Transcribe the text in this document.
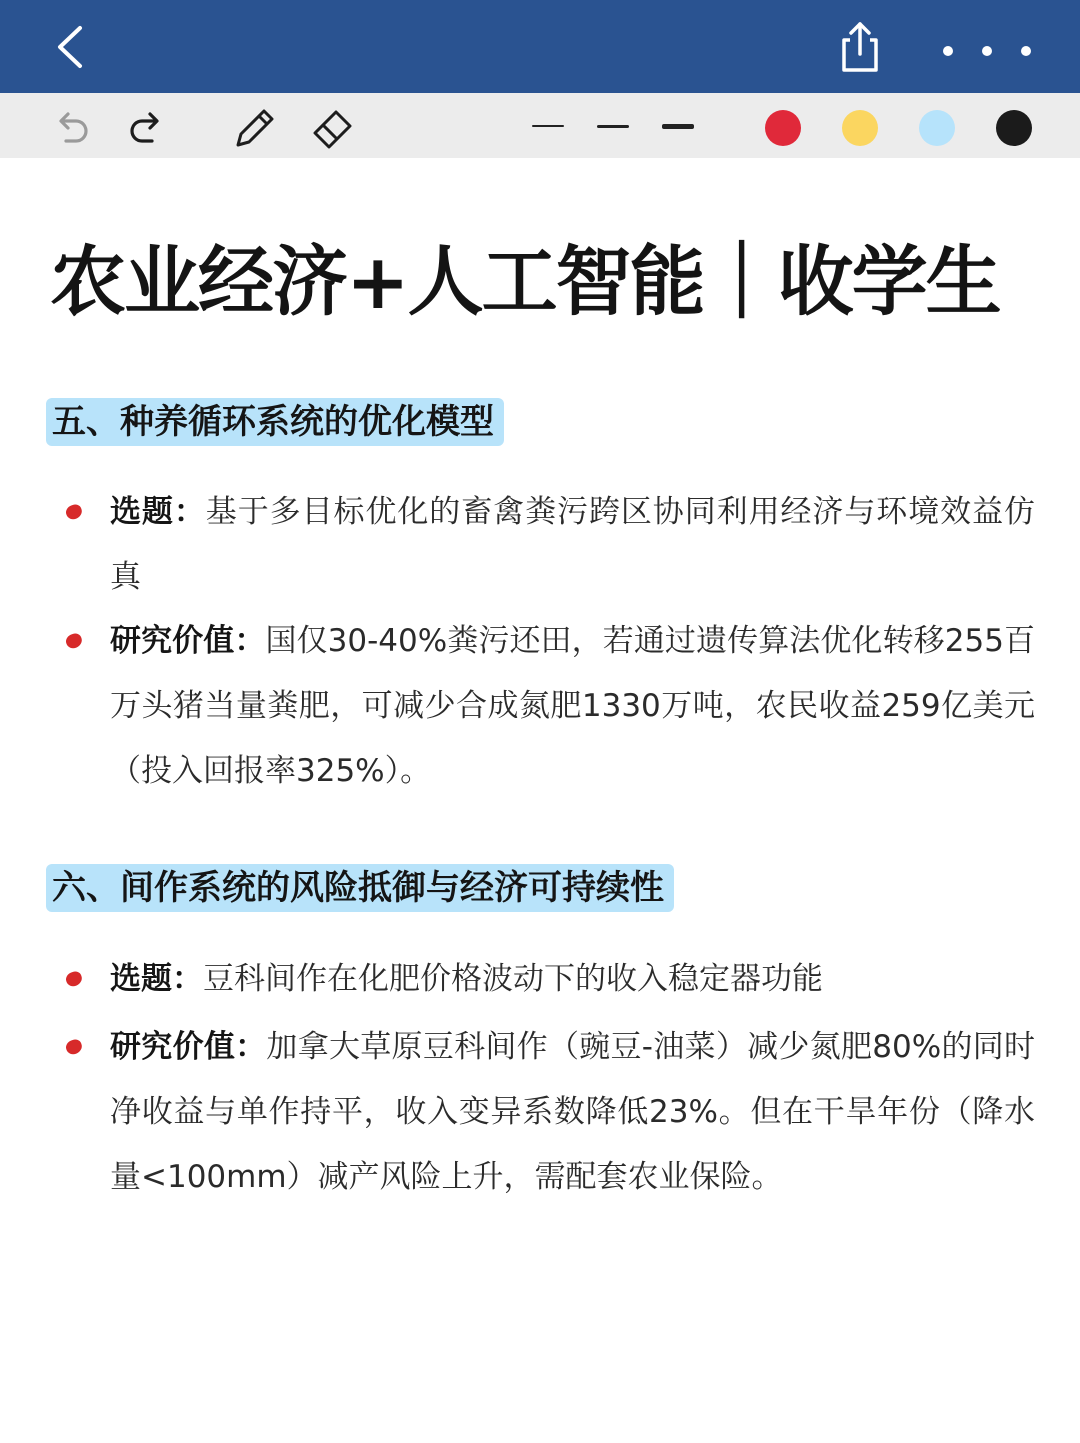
农业经济+人工智能｜收学生
五、种养循环系统的优化模型
选题：基于多目标优化的畜禽粪污跨区协同利用经济与环境效益仿真
研究价值：国仅30-40%粪污还田，若通过遗传算法优化转移255百万头猪当量粪肥，可减少合成氮肥1330万吨，农民收益259亿美元（投入回报率325%）。
六、间作系统的风险抵御与经济可持续性
选题：豆科间作在化肥价格波动下的收入稳定器功能
研究价值：加拿大草原豆科间作（豌豆-油菜）减少氮肥80%的同时净收益与单作持平，收入变异系数降低23%。但在干旱年份（降水量<100mm）减产风险上升，需配套农业保险。
